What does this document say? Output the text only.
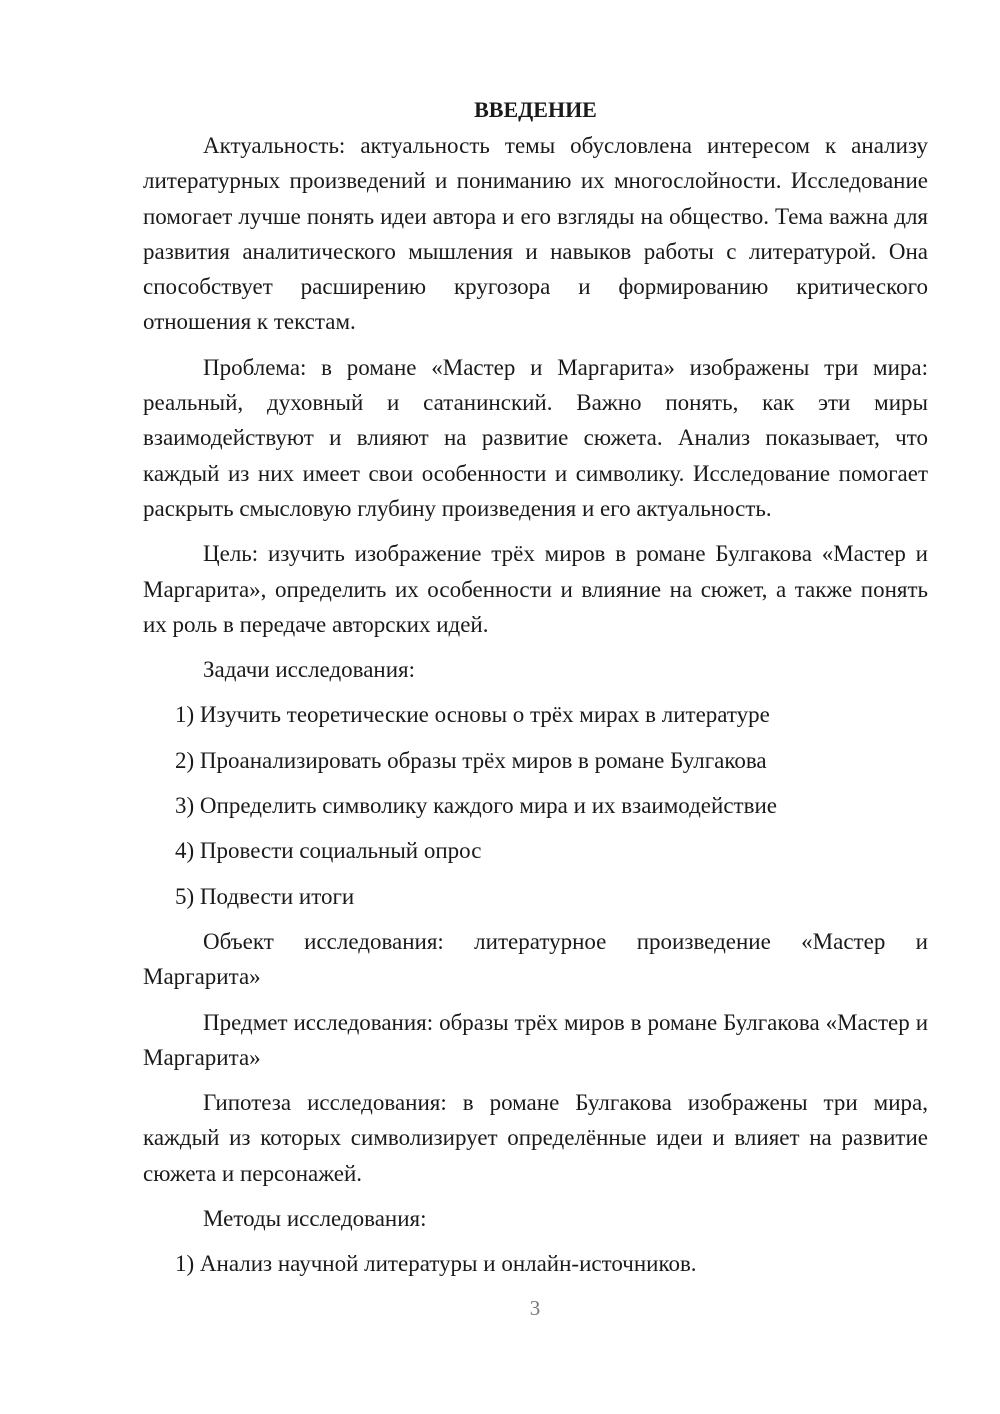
ВВЕДЕНИЕ

Актуальность: актуальность темы обусловлена интересом к анализу литературных произведений и пониманию их многослойности. Исследование помогает лучше понять идеи автора и его взгляды на общество. Тема важна для развития аналитического мышления и навыков работы с литературой. Она способствует расширению кругозора и формированию критического отношения к текстам.

Проблема: в романе «Мастер и Маргарита» изображены три мира: реальный, духовный и сатанинский. Важно понять, как эти миры взаимодействуют и влияют на развитие сюжета. Анализ показывает, что каждый из них имеет свои особенности и символику. Исследование помогает раскрыть смысловую глубину произведения и его актуальность.

Цель: изучить изображение трёх миров в романе Булгакова «Мастер и Маргарита», определить их особенности и влияние на сюжет, а также понять их роль в передаче авторских идей.

Задачи исследования:

1) Изучить теоретические основы о трёх мирах в литературе

2) Проанализировать образы трёх миров в романе Булгакова

3) Определить символику каждого мира и их взаимодействие

4) Провести социальный опрос

5) Подвести итоги

Объект исследования: литературное произведение «Мастер и Маргарита»

Предмет исследования: образы трёх миров в романе Булгакова «Мастер и Маргарита»

Гипотеза исследования: в романе Булгакова изображены три мира, каждый из которых символизирует определённые идеи и влияет на развитие сюжета и персонажей.

Методы исследования:

1) Анализ научной литературы и онлайн-источников.

3
